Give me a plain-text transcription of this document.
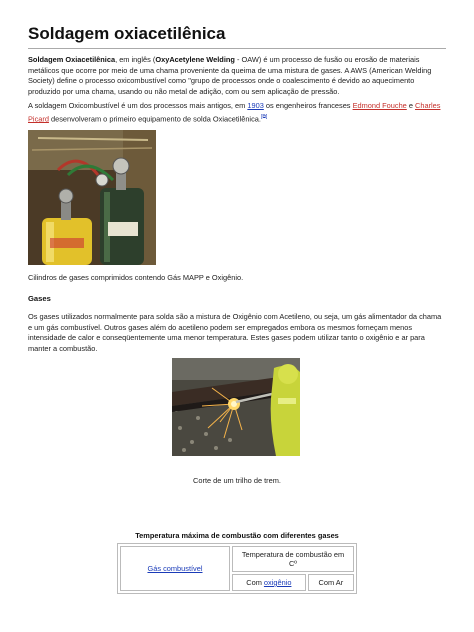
Soldagem oxiacetilênica

Soldagem Oxiacetilênica, em inglês (OxyAcetylene Welding - OAW) é um processo de fusão ou erosão de materiais metálicos que ocorre por meio de uma chama proveniente da queima de uma mistura de gases. A AWS (American Welding Society) define o processo oxicombustível como "grupo de processos onde o coalescimento é devido ao aquecimento produzido por uma chama, usando ou não metal de adição, com ou sem aplicação de pressão.

A soldagem Oxicombustível é um dos processos mais antigos, em 1903 os engenheiros franceses Edmond Fouche e Charles Picard desenvolveram o primeiro equipamento de solda Oxiacetilênica.[⧉]

Cilindros de gases comprimidos contendo Gás MAPP e Oxigênio.

Gases

Os gases utilizados normalmente para solda são a mistura de Oxigênio com Acetileno, ou seja, um gás alimentador da chama e um gás combustível. Outros gases além do acetileno podem ser empregados embora os mesmos forneçam menos intensidade de calor e conseqüentemente uma menor temperatura. Estes gases podem utilizar tanto o oxigênio e ar para manter a combustão.

Corte de um trilho de trem.

Temperatura máxima de combustão com diferentes gases

Gás combustível	Temperatura de combustão em Cº	
	Com oxigênio	Com Ar
